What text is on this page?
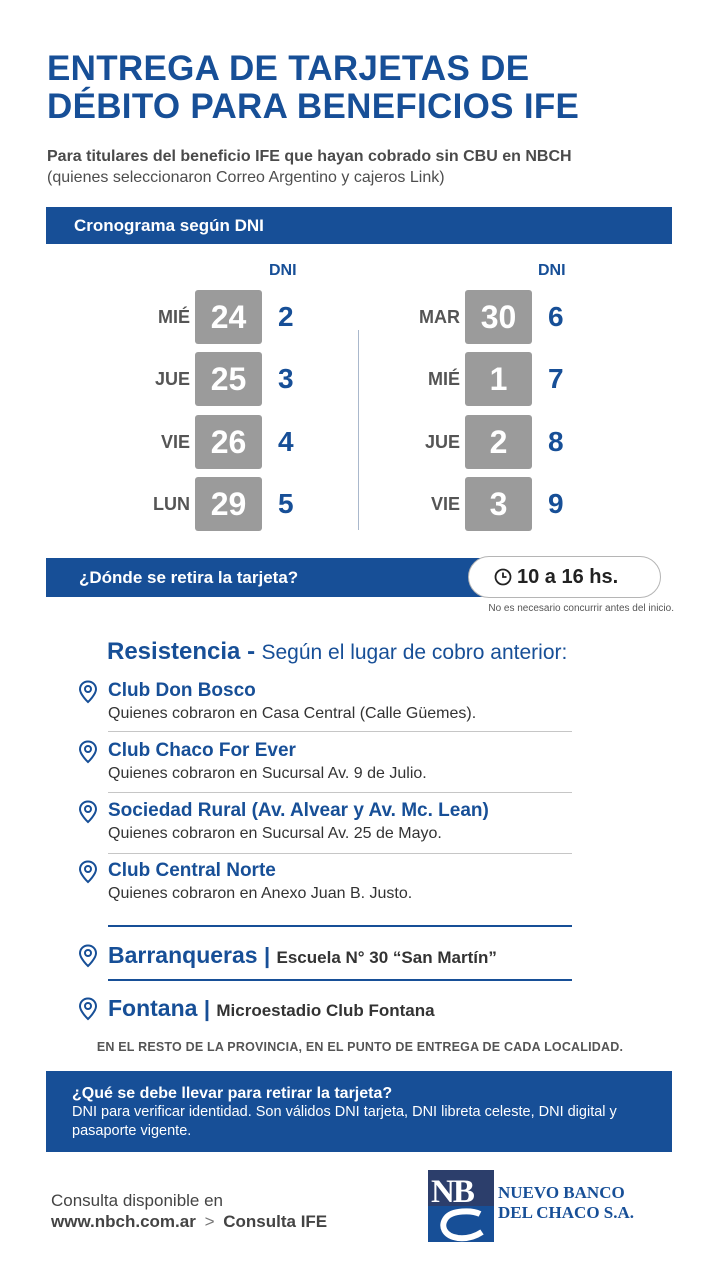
ENTREGA DE TARJETAS DE
DÉBITO PARA BENEFICIOS IFE
Para titulares del beneficio IFE que hayan cobrado sin CBU en NBCH
(quienes seleccionaron Correo Argentino y cajeros Link)
Cronograma según DNI
DNI
MIÉ 24	2
JUE 25	3
VIE 26	4
LUN 29	5
DNI
MAR 30	6
MIÉ 1	7
JUE 2	8
VIE 3	9
¿Dónde se retira la tarjeta?	10 a 16 hs.
No es necesario concurrir antes del inicio.
Resistencia - Según el lugar de cobro anterior:
Club Don Bosco
Quienes cobraron en Casa Central (Calle Güemes).
Club Chaco For Ever
Quienes cobraron en Sucursal Av. 9 de Julio.
Sociedad Rural (Av. Alvear y Av. Mc. Lean)
Quienes cobraron en Sucursal Av. 25 de Mayo.
Club Central Norte
Quienes cobraron en Anexo Juan B. Justo.
Barranqueras | Escuela N° 30 “San Martín”
Fontana | Microestadio Club Fontana
EN EL RESTO DE LA PROVINCIA, EN EL PUNTO DE ENTREGA DE CADA LOCALIDAD.
¿Qué se debe llevar para retirar la tarjeta?
DNI para verificar identidad. Son válidos DNI tarjeta, DNI libreta celeste, DNI digital y pasaporte vigente.
Consulta disponible en
www.nbch.com.ar > Consulta IFE
NB NUEVO BANCO
DEL CHACO S.A.
